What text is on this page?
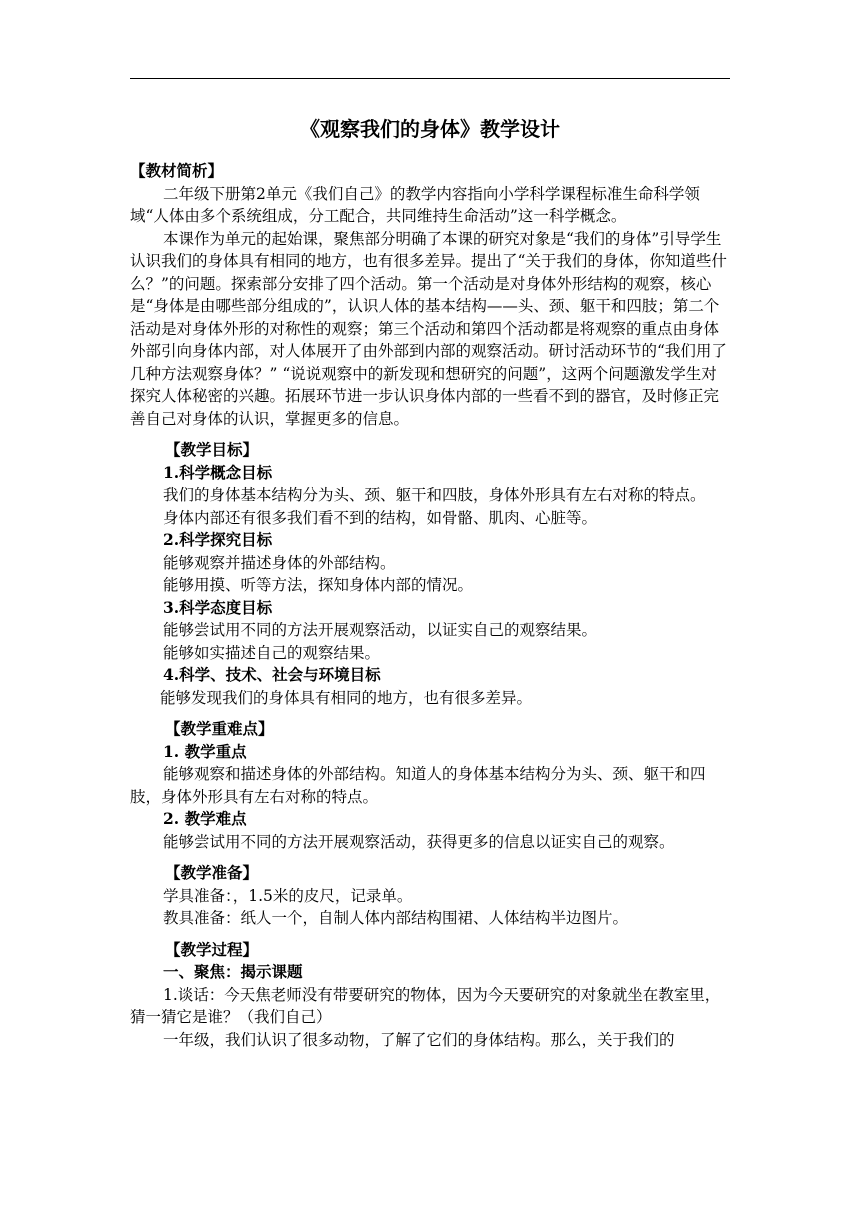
《观察我们的身体》教学设计

【教材简析】

二年级下册第2单元《我们自己》的教学内容指向小学科学课程标准生命科学领域“人体由多个系统组成，分工配合，共同维持生命活动”这一科学概念。

本课作为单元的起始课，聚焦部分明确了本课的研究对象是“我们的身体”引导学生认识我们的身体具有相同的地方，也有很多差异。提出了“关于我们的身体，你知道些什么？”的问题。探索部分安排了四个活动。第一个活动是对身体外形结构的观察，核心是“身体是由哪些部分组成的”，认识人体的基本结构——头、颈、躯干和四肢；第二个活动是对身体外形的对称性的观察；第三个活动和第四个活动都是将观察的重点由身体外部引向身体内部，对人体展开了由外部到内部的观察活动。研讨活动环节的“我们用了几种方法观察身体？” “说说观察中的新发现和想研究的问题”，这两个问题激发学生对探究人体秘密的兴趣。拓展环节进一步认识身体内部的一些看不到的器官，及时修正完善自己对身体的认识，掌握更多的信息。

【教学目标】

1.科学概念目标

我们的身体基本结构分为头、颈、躯干和四肢，身体外形具有左右对称的特点。

身体内部还有很多我们看不到的结构，如骨骼、肌肉、心脏等。

2.科学探究目标

能够观察并描述身体的外部结构。

能够用摸、听等方法，探知身体内部的情况。

3.科学态度目标

能够尝试用不同的方法开展观察活动，以证实自己的观察结果。

能够如实描述自己的观察结果。

4.科学、技术、社会与环境目标

能够发现我们的身体具有相同的地方，也有很多差异。

【教学重难点】

1. 教学重点

能够观察和描述身体的外部结构。知道人的身体基本结构分为头、颈、躯干和四肢，身体外形具有左右对称的特点。

2. 教学难点

能够尝试用不同的方法开展观察活动，获得更多的信息以证实自己的观察。

【教学准备】

学具准备：，1.5米的皮尺，记录单。

教具准备：纸人一个，自制人体内部结构围裙、人体结构半边图片。

【教学过程】

一、聚焦：揭示课题

1.谈话：今天焦老师没有带要研究的物体，因为今天要研究的对象就坐在教室里，猜一猜它是谁？（我们自己）

一年级，我们认识了很多动物，了解了它们的身体结构。那么，关于我们的
